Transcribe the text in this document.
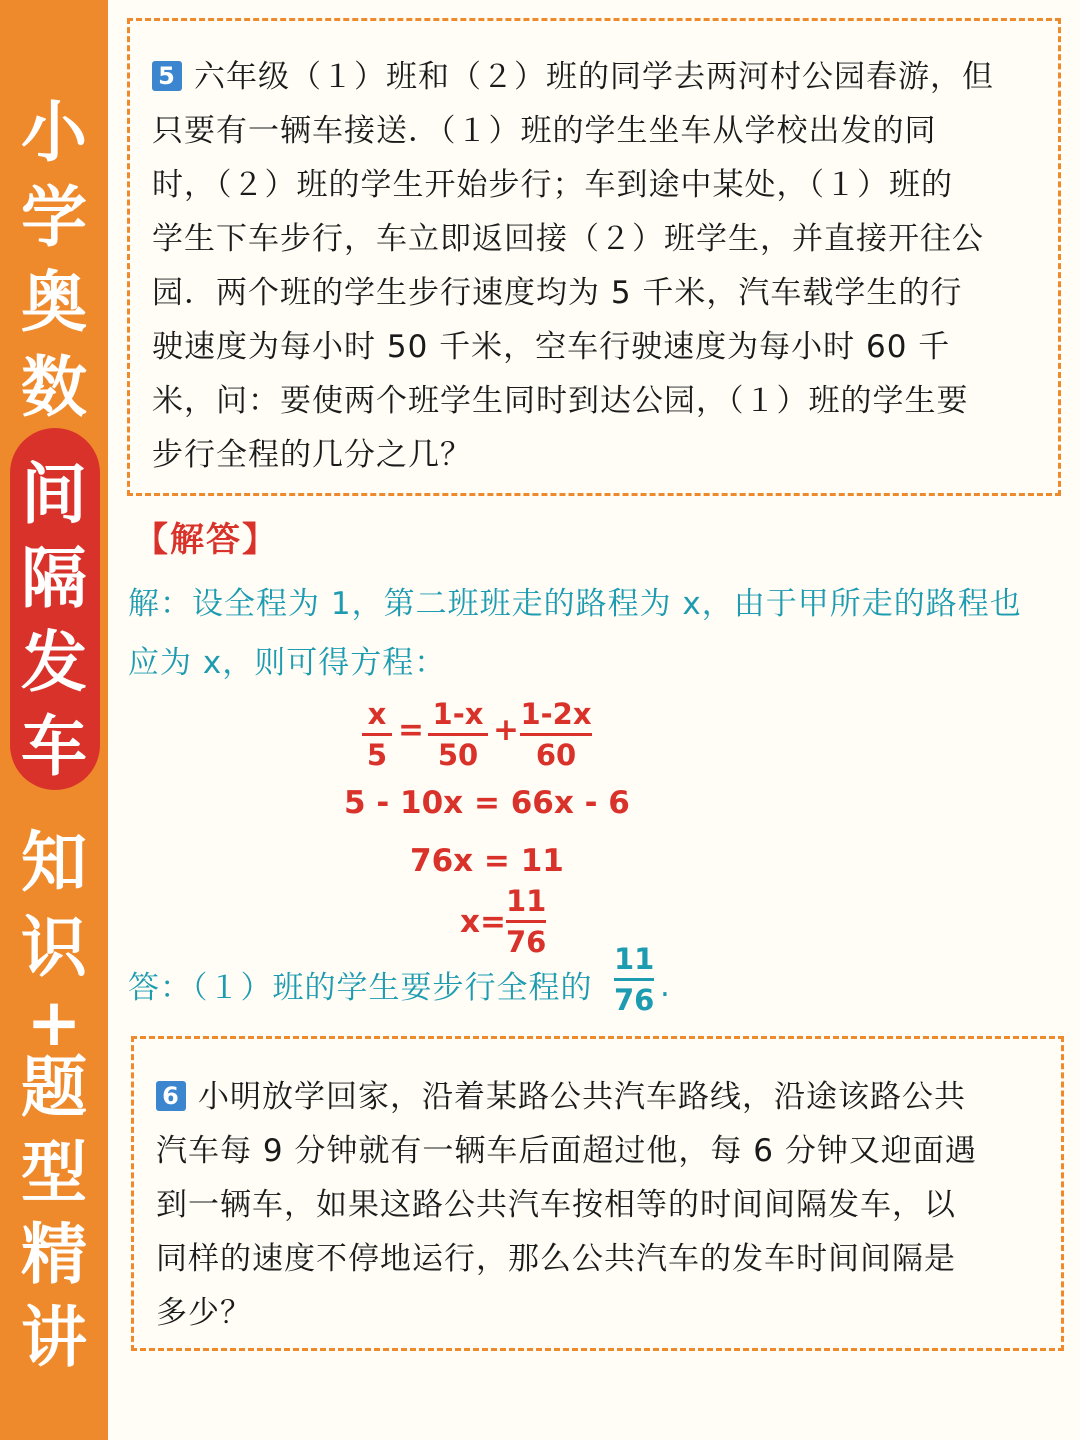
小
学
奥
数
间
隔
发
车
知
识
+
题
型
精
讲
5 六年级（１）班和（２）班的同学去两河村公园春游，但
只要有一辆车接送．（１）班的学生坐车从学校出发的同
时，（２）班的学生开始步行；车到途中某处，（１）班的
学生下车步行，车立即返回接（２）班学生，并直接开往公
园．两个班的学生步行速度均为 5 千米，汽车载学生的行
驶速度为每小时 50 千米，空车行驶速度为每小时 60 千
米，问：要使两个班学生同时到达公园，（１）班的学生要
步行全程的几分之几？
【解答】
解：设全程为 1，第二班班走的路程为 x，由于甲所走的路程也
应为 x，则可得方程：
x
5
= 1-x
50
+ 1-2x
60
5 - 10x = 66x - 6
76x = 11
x=
11
76
答：（１）班的学生要步行全程的
11
76 .
6 小明放学回家，沿着某路公共汽车路线，沿途该路公共
汽车每 9 分钟就有一辆车后面超过他，每 6 分钟又迎面遇
到一辆车，如果这路公共汽车按相等的时间间隔发车，以
同样的速度不停地运行，那么公共汽车的发车时间间隔是
多少？
